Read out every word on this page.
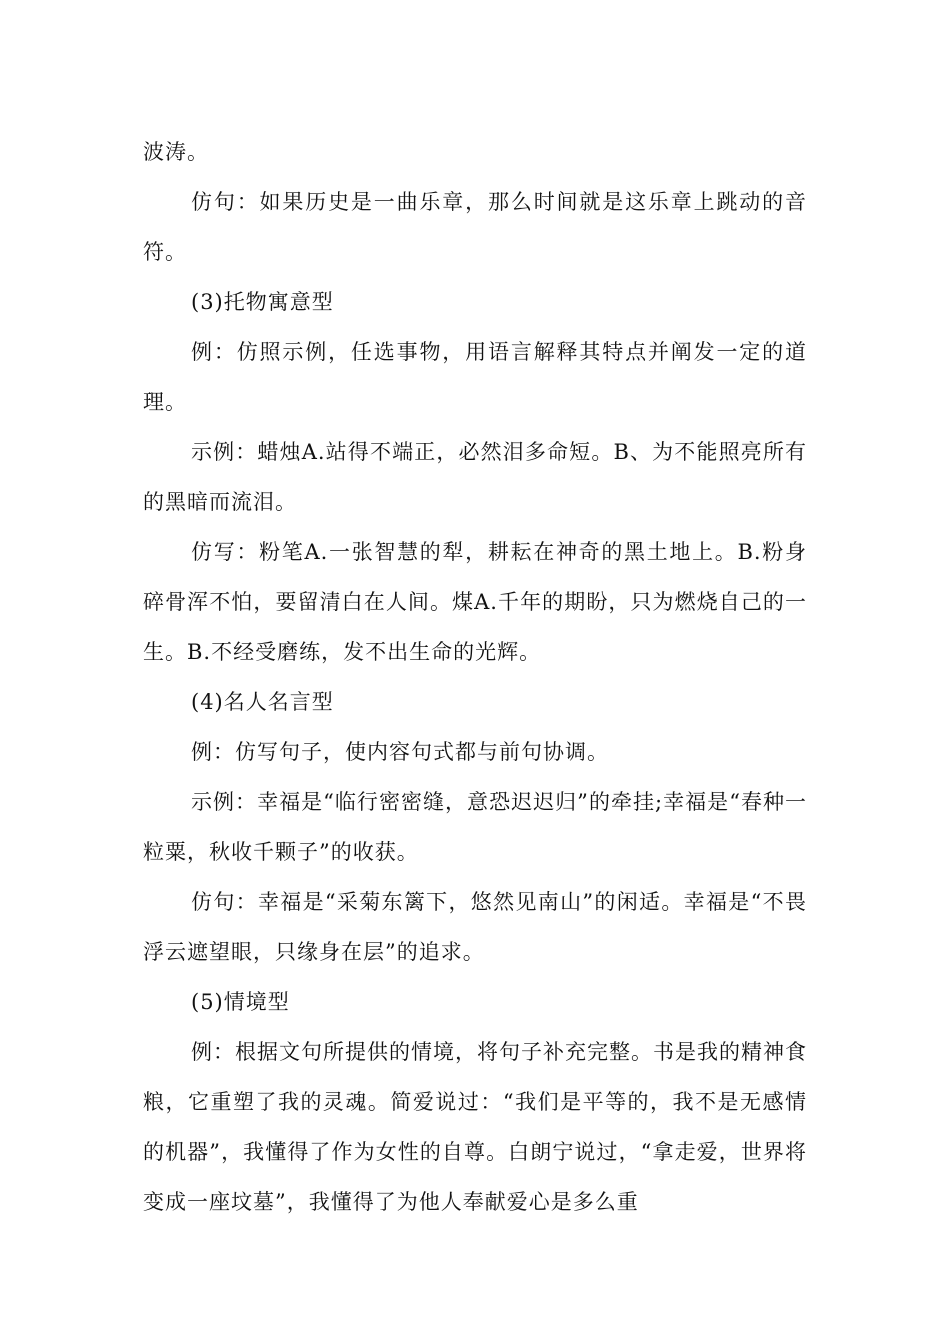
波涛。

仿句：如果历史是一曲乐章，那么时间就是这乐章上跳动的音符。

(3)托物寓意型

例：仿照示例，任选事物，用语言解释其特点并阐发一定的道理。

示例：蜡烛A.站得不端正，必然泪多命短。B、为不能照亮所有的黑暗而流泪。

仿写：粉笔A.一张智慧的犁，耕耘在神奇的黑土地上。B.粉身碎骨浑不怕，要留清白在人间。煤A.千年的期盼，只为燃烧自己的一生。B.不经受磨练，发不出生命的光辉。

(4)名人名言型

例：仿写句子，使内容句式都与前句协调。

示例：幸福是“临行密密缝，意恐迟迟归”的牵挂;幸福是“春种一粒粟，秋收千颗子”的收获。

仿句：幸福是“采菊东篱下，悠然见南山”的闲适。幸福是“不畏浮云遮望眼，只缘身在层”的追求。

(5)情境型

例：根据文句所提供的情境，将句子补充完整。书是我的精神食粮，它重塑了我的灵魂。简爱说过：“我们是平等的，我不是无感情的机器”，我懂得了作为女性的自尊。白朗宁说过，“拿走爱，世界将变成一座坟墓”，我懂得了为他人奉献爱心是多么重
